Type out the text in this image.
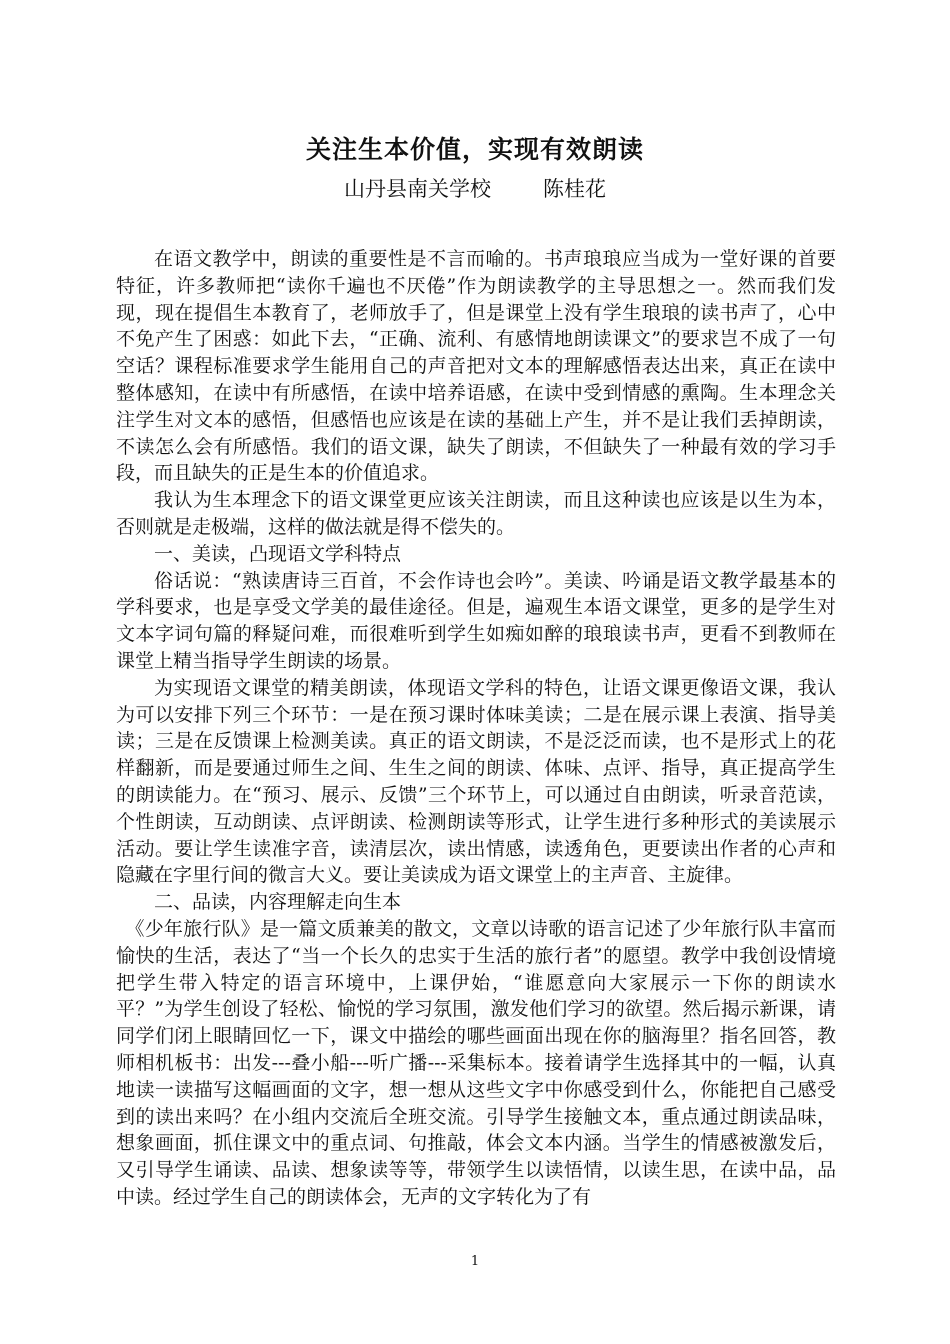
关注生本价值，实现有效朗读
山丹县南关学校 陈桂花

在语文教学中，朗读的重要性是不言而喻的。书声琅琅应当成为一堂好课的首要特征，许多教师把“读你千遍也不厌倦”作为朗读教学的主导思想之一。然而我们发现，现在提倡生本教育了，老师放手了，但是课堂上没有学生琅琅的读书声了，心中不免产生了困惑：如此下去，“正确、流利、有感情地朗读课文”的要求岂不成了一句空话？课程标准要求学生能用自己的声音把对文本的理解感悟表达出来，真正在读中整体感知，在读中有所感悟，在读中培养语感，在读中受到情感的熏陶。生本理念关注学生对文本的感悟，但感悟也应该是在读的基础上产生，并不是让我们丢掉朗读，不读怎么会有所感悟。我们的语文课，缺失了朗读，不但缺失了一种最有效的学习手段，而且缺失的正是生本的价值追求。

我认为生本理念下的语文课堂更应该关注朗读，而且这种读也应该是以生为本，否则就是走极端，这样的做法就是得不偿失的。

一、美读，凸现语文学科特点

俗话说：“熟读唐诗三百首，不会作诗也会吟”。美读、吟诵是语文教学最基本的学科要求，也是享受文学美的最佳途径。但是，遍观生本语文课堂，更多的是学生对文本字词句篇的释疑问难，而很难听到学生如痴如醉的琅琅读书声，更看不到教师在课堂上精当指导学生朗读的场景。

为实现语文课堂的精美朗读，体现语文学科的特色，让语文课更像语文课，我认为可以安排下列三个环节：一是在预习课时体味美读；二是在展示课上表演、指导美读；三是在反馈课上检测美读。真正的语文朗读，不是泛泛而读，也不是形式上的花样翻新，而是要通过师生之间、生生之间的朗读、体味、点评、指导，真正提高学生的朗读能力。在“预习、展示、反馈”三个环节上，可以通过自由朗读，听录音范读，个性朗读，互动朗读、点评朗读、检测朗读等形式，让学生进行多种形式的美读展示活动。要让学生读准字音，读清层次，读出情感，读透角色，更要读出作者的心声和隐藏在字里行间的微言大义。要让美读成为语文课堂上的主声音、主旋律。

二、品读，内容理解走向生本

《少年旅行队》是一篇文质兼美的散文，文章以诗歌的语言记述了少年旅行队丰富而愉快的生活，表达了“当一个长久的忠实于生活的旅行者”的愿望。教学中我创设情境把学生带入特定的语言环境中，上课伊始，“谁愿意向大家展示一下你的朗读水平？”为学生创设了轻松、愉悦的学习氛围，激发他们学习的欲望。然后揭示新课，请同学们闭上眼睛回忆一下，课文中描绘的哪些画面出现在你的脑海里？指名回答，教师相机板书：出发---叠小船---听广播---采集标本。接着请学生选择其中的一幅，认真地读一读描写这幅画面的文字，想一想从这些文字中你感受到什么，你能把自己感受到的读出来吗？在小组内交流后全班交流。引导学生接触文本，重点通过朗读品味，想象画面，抓住课文中的重点词、句推敲，体会文本内涵。当学生的情感被激发后，又引导学生诵读、品读、想象读等等，带领学生以读悟情，以读生思，在读中品，品中读。经过学生自己的朗读体会，无声的文字转化为了有

1
